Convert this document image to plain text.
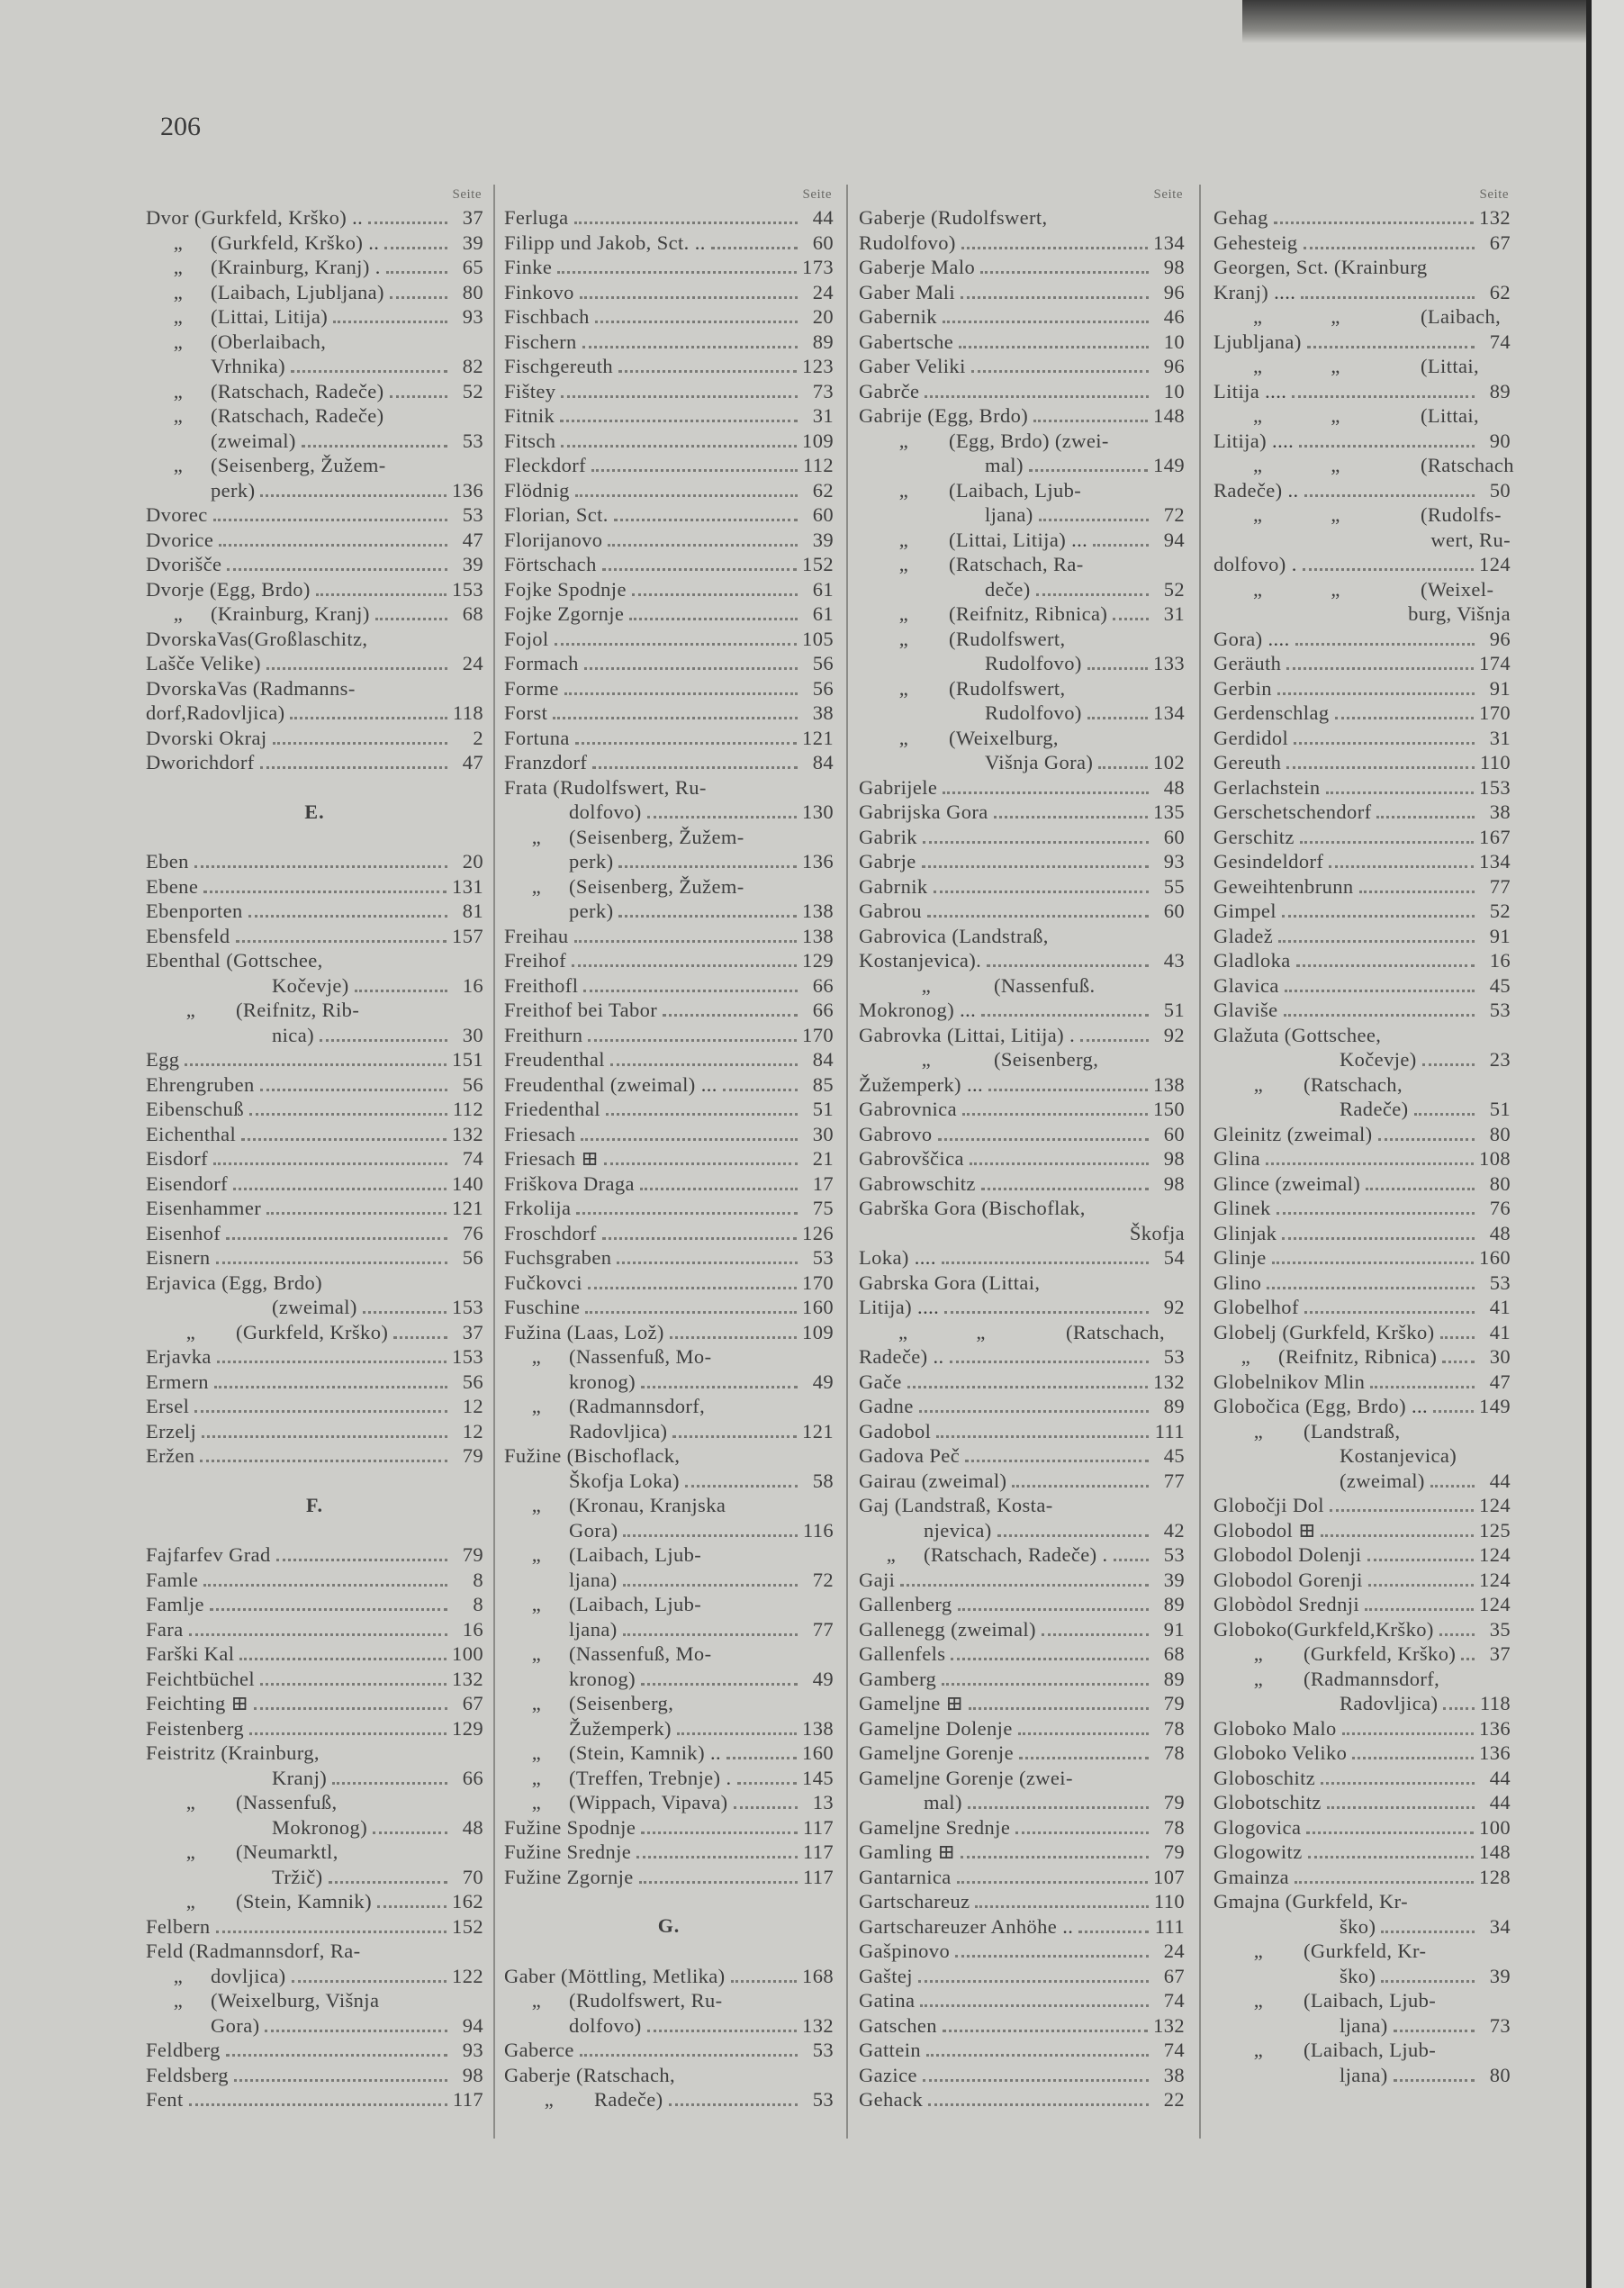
206
Seite
Dvor (Gurkfeld, Krško) ..	37
„	(Gurkfeld, Krško) ..	39
„	(Krainburg, Kranj) .	65
„	(Laibach, Ljubljana)	80
„	(Littai, Litija)	93
„	(Oberlaibach,
Vrhnika)	82
„	(Ratschach, Radeče)	52
„	(Ratschach, Radeče)
(zweimal)	53
„	(Seisenberg, Žužem-
perk)	136
Dvorec	53
Dvorice	47
Dvorišče	39
Dvorje (Egg, Brdo)	153
„	(Krainburg, Kranj)	68
DvorskaVas(Großlaschitz,
Lašče Velike)	24
DvorskaVas (Radmanns-
dorf,Radovljica)	118
Dvorski Okraj	2
Dworichdorf	47
E.
Eben	20
Ebene	131
Ebenporten	81
Ebensfeld	157
Ebenthal (Gottschee,
Kočevje)	16
„	(Reifnitz, Rib-
nica)	30
Egg	151
Ehrengruben	56
Eibenschuß	112
Eichenthal	132
Eisdorf	74
Eisendorf	140
Eisenhammer	121
Eisenhof	76
Eisnern	56
Erjavica (Egg, Brdo)
(zweimal)	153
„	(Gurkfeld, Krško)	37
Erjavka	153
Ermern	56
Ersel	12
Erzelj	12
Eržen	79
F.
Fajfarfev Grad	79
Famle	8
Famlje	8
Fara	16
Farški Kal	100
Feichtbüchel	132
Feichting ⊞	67
Feistenberg	129
Feistritz (Krainburg,
Kranj)	66
„	(Nassenfuß,
Mokronog)	48
„	(Neumarktl,
Tržič)	70
„	(Stein, Kamnik)	162
Felbern	152
Feld (Radmannsdorf, Ra-
„	dovljica)	122
„	(Weixelburg, Višnja
Gora)	94
Feldberg	93
Feldsberg	98
Fent	117
Seite
Ferluga	44
Filipp und Jakob, Sct. ..	60
Finke	173
Finkovo	24
Fischbach	20
Fischern	89
Fischgereuth	123
Fištey	73
Fitnik	31
Fitsch	109
Fleckdorf	112
Flödnig	62
Florian, Sct.	60
Florijanovo	39
Förtschach	152
Fojke Spodnje	61
Fojke Zgornje	61
Fojol	105
Formach	56
Forme	56
Forst	38
Fortuna	121
Franzdorf	84
Frata (Rudolfswert, Ru-
dolfovo)	130
„	(Seisenberg, Žužem-
perk)	136
„	(Seisenberg, Žužem-
perk)	138
Freihau	138
Freihof	129
Freithofl	66
Freithof bei Tabor	66
Freithurn	170
Freudenthal	84
Freudenthal (zweimal) ...	85
Friedenthal	51
Friesach	30
Friesach ⊞	21
Friškova Draga	17
Frkolija	75
Froschdorf	126
Fuchsgraben	53
Fučkovci	170
Fuschine	160
Fužina (Laas, Lož)	109
„	(Nassenfuß, Mo-
kronog)	49
„	(Radmannsdorf,
Radovljica)	121
Fužine (Bischoflack,
Škofja Loka)	58
„	(Kronau, Kranjska
Gora)	116
„	(Laibach, Ljub-
ljana)	72
„	(Laibach, Ljub-
ljana)	77
„	(Nassenfuß, Mo-
kronog)	49
„	(Seisenberg,
Žužemperk)	138
„	(Stein, Kamnik) ..	160
„	(Treffen, Trebnje) .	145
„	(Wippach, Vipava)	13
Fužine Spodnje	117
Fužine Srednje	117
Fužine Zgornje	117
G.
Gaber (Möttling, Metlika)	168
„	(Rudolfswert, Ru-
dolfovo)	132
Gaberce	53
Gaberje (Ratschach,
„	Radeče)	53
Seite
Gaberje (Rudolfswert,
Rudolfovo)	134
Gaberje Malo	98
Gaber Mali	96
Gabernik	46
Gabertsche	10
Gaber Veliki	96
Gabrče	10
Gabrije (Egg, Brdo)	148
„	(Egg, Brdo) (zwei-
mal)	149
„	(Laibach, Ljub-
ljana)	72
„	(Littai, Litija) ...	94
„	(Ratschach, Ra-
deče)	52
„	(Reifnitz, Ribnica)	31
„	(Rudolfswert,
Rudolfovo)	133
„	(Rudolfswert,
Rudolfovo)	134
„	(Weixelburg,
Višnja Gora)	102
Gabrijele	48
Gabrijska Gora	135
Gabrik	60
Gabrje	93
Gabrnik	55
Gabrou	60
Gabrovica (Landstraß,
Kostanjevica).	43
„	(Nassenfuß.
Mokronog) ...	51
Gabrovka (Littai, Litija) .	92
„	(Seisenberg,
Žužemperk) ...	138
Gabrovnica	150
Gabrovo	60
Gabrovščica	98
Gabrowschitz	98
Gabrška Gora (Bischoflak,
Škofja
Loka) ....	54
Gabrska Gora (Littai,
Litija) ....	92
„ „	(Ratschach,
Radeče) ..	53
Gače	132
Gadne	89
Gadobol	111
Gadova Peč	45
Gairau (zweimal)	77
Gaj (Landstraß, Kosta-
njevica)	42
„	(Ratschach, Radeče) .	53
Gaji	39
Gallenberg	89
Gallenegg (zweimal)	91
Gallenfels	68
Gamberg	89
Gameljne ⊞	79
Gameljne Dolenje	78
Gameljne Gorenje	78
Gameljne Gorenje (zwei-
mal)	79
Gameljne Srednje	78
Gamling ⊞	79
Gantarnica	107
Gartschareuz	110
Gartschareuzer Anhöhe ..	111
Gašpinovo	24
Gaštej	67
Gatina	74
Gatschen	132
Gattein	74
Gazice	38
Gehack	22
Seite
Gehag	132
Gehesteig	67
Georgen, Sct. (Krainburg
Kranj) ....	62
„ „	(Laibach,
Ljubljana)	74
„ „	(Littai,
Litija ....	89
„ „	(Littai,
Litija) ....	90
„ „	(Ratschach
Radeče) ..	50
„ „	(Rudolfs-
wert, Ru-
dolfovo) .	124
„ „	(Weixel-
burg, Višnja
Gora) ....	96
Geräuth	174
Gerbin	91
Gerdenschlag	170
Gerdidol	31
Gereuth	110
Gerlachstein	153
Gerschetschendorf	38
Gerschitz	167
Gesindeldorf	134
Geweihtenbrunn	77
Gimpel	52
Gladež	91
Gladloka	16
Glavica	45
Glaviše	53
Glažuta (Gottschee,
Kočevje)	23
„	(Ratschach,
Radeče)	51
Gleinitz (zweimal)	80
Glina	108
Glince (zweimal)	80
Glinek	76
Glinjak	48
Glinje	160
Glino	53
Globelhof	41
Globelj (Gurkfeld, Krško)	41
„	(Reifnitz, Ribnica)	30
Globelnikov Mlin	47
Globočica (Egg, Brdo) ...	149
„	(Landstraß,
Kostanjevica)
(zweimal)	44
Globočji Dol	124
Globodol ⊞	125
Globodol Dolenji	124
Globodol Gorenji	124
Globòdol Srednji	124
Globoko(Gurkfeld,Krško)	35
„	(Gurkfeld, Krško)	37
„	(Radmannsdorf,
Radovljica) 118
Globoko Malo	136
Globoko Veliko	136
Globoschitz	44
Globotschitz	44
Glogovica	100
Glogowitz	148
Gmainza	128
Gmajna (Gurkfeld, Kr-
ško)	34
„	(Gurkfeld, Kr-
ško)	39
„	(Laibach, Ljub-
ljana)	73
„	(Laibach, Ljub-
ljana)	80
